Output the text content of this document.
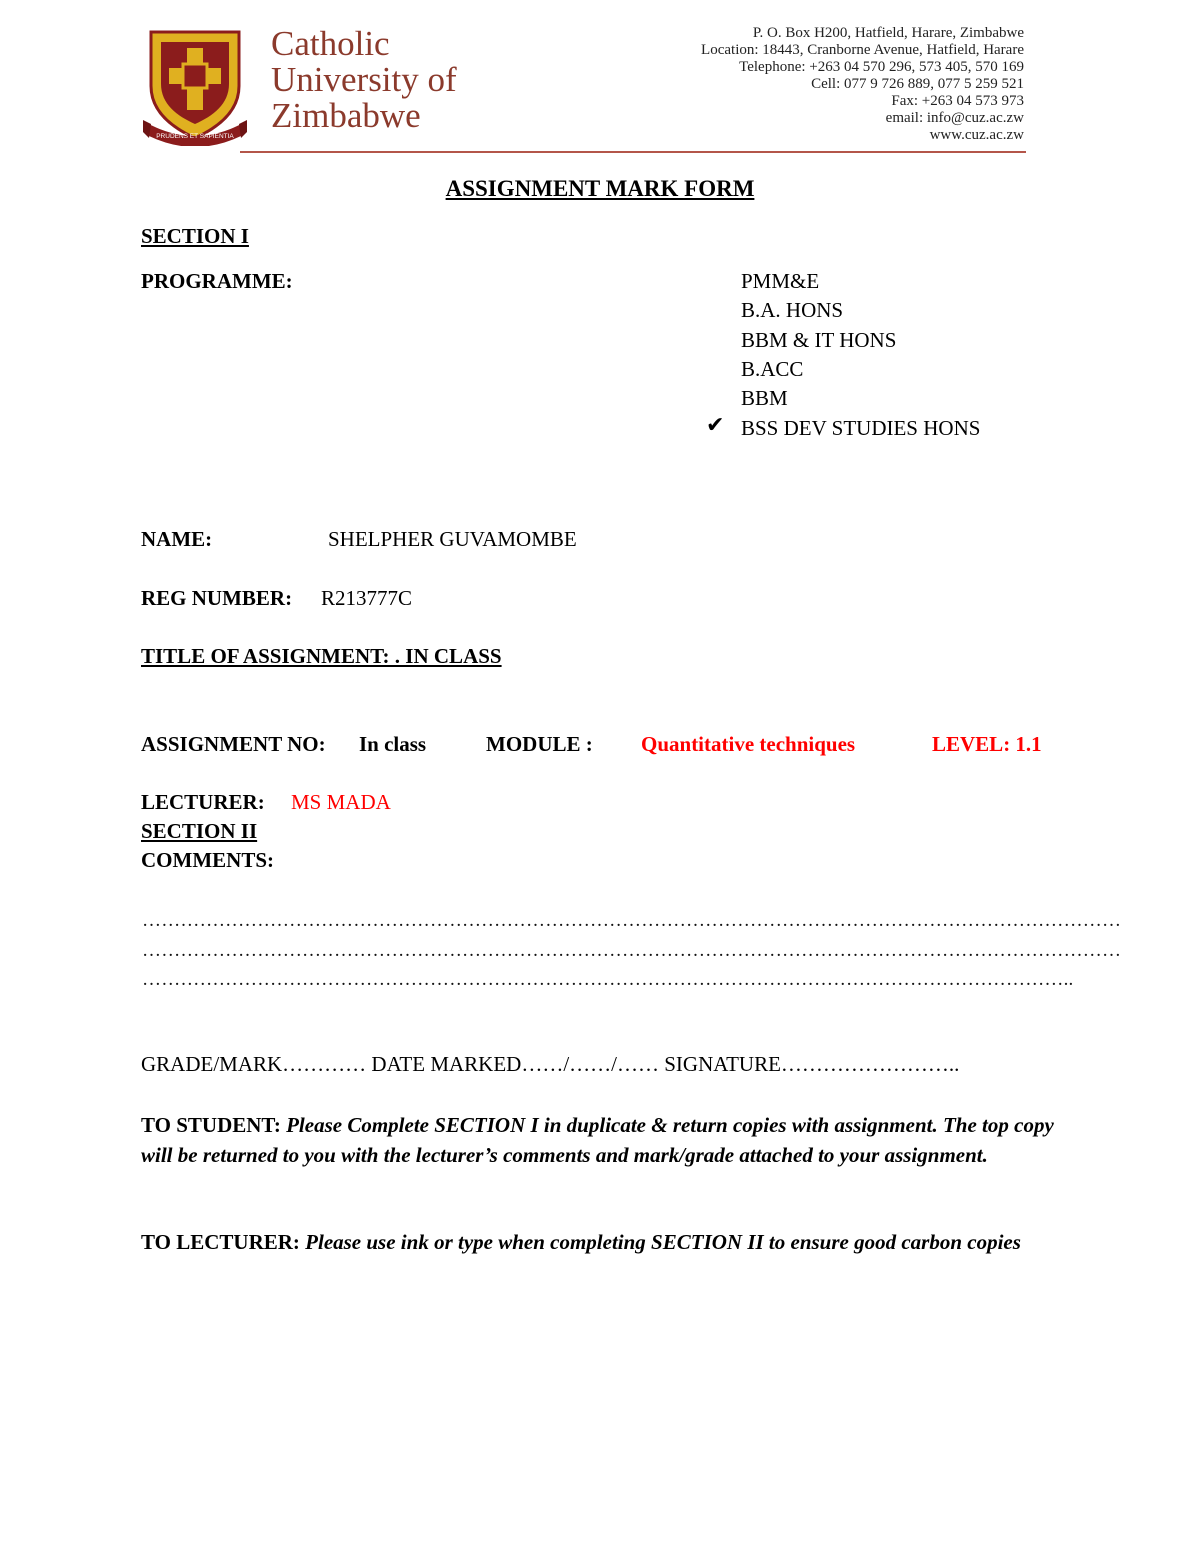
PRUDENS ET SAPIENTIA
Catholic
University of
Zimbabwe
P. O. Box H200, Hatfield, Harare, Zimbabwe
Location: 18443, Cranborne Avenue, Hatfield, Harare
Telephone: +263 04 570 296, 573 405, 570 169
Cell: 077 9 726 889, 077 5 259 521
Fax: +263 04 573 973
email: info@cuz.ac.zw
www.cuz.ac.zw
ASSIGNMENT MARK FORM
SECTION I
PROGRAMME:	PMM&E
B.A. HONS
BBM & IT HONS
B.ACC
BBM
✔ BSS DEV STUDIES HONS
NAME:	SHELPHER GUVAMOMBE
REG NUMBER: R213777C
TITLE OF ASSIGNMENT: . IN CLASS
ASSIGNMENT NO: In class	MODULE : Quantitative techniques	LEVEL: 1.1
LECTURER: MS MADA
SECTION II
COMMENTS:
………………………………………………………………………………………………………………………………………
………………………………………………………………………………………………………………………………………
………………………………………………………………………………………………………………………………..
GRADE/MARK………… DATE MARKED……/……/…… SIGNATURE……………………..
TO STUDENT: Please Complete SECTION I in duplicate & return copies with assignment. The top copy will be returned to you with the lecturer’s comments and mark/grade attached to your assignment.
TO LECTURER: Please use ink or type when completing SECTION II to ensure good carbon copies
